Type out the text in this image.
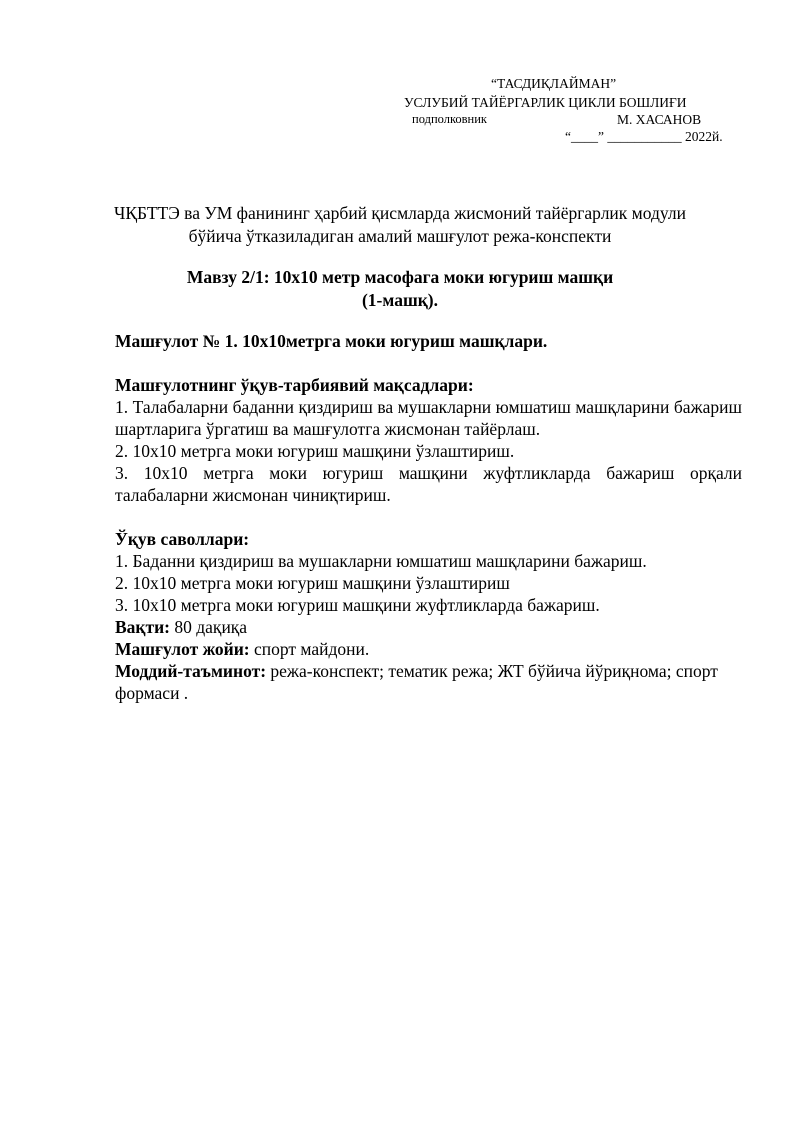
“ТАСДИҚЛАЙМАН”
УСЛУБИЙ ТАЙЁРГАРЛИК ЦИКЛИ БОШЛИҒИ
подполковник	М. ХАСАНОВ
“____” ___________ 2022й.
ЧҚБТТЭ ва УМ фанининг ҳарбий қисмларда жисмоний тайёргарлик модули
бўйича ўтказиладиган амалий машғулот режа-конспекти
Мавзу 2/1: 10х10 метр масофага моки югуриш машқи
(1-машқ).

Машғулот № 1. 10х10метрга моки югуриш машқлари.

Машғулотнинг ўқув-тарбиявий мақсадлари:

1. Талабаларни баданни қиздириш ва мушакларни юмшатиш машқларини бажариш шартларига ўргатиш ва машғулотга жисмонан тайёрлаш.

2. 10х10 метрга моки югуриш машқини ўзлаштириш.

3. 10х10 метрга моки югуриш машқини жуфтликларда бажариш орқали талабаларни жисмонан чиниқтириш.

Ўқув саволлари:

1. Баданни қиздириш ва мушакларни юмшатиш машқларини бажариш.

2. 10х10 метрга моки югуриш машқини ўзлаштириш

3. 10х10 метрга моки югуриш машқини жуфтликларда бажариш.

Вақти: 80 дақиқа

Машғулот жойи: спорт майдони.

Моддий-таъминот: режа-конспект; тематик режа; ЖТ бўйича йўриқнома; спорт формаси .
